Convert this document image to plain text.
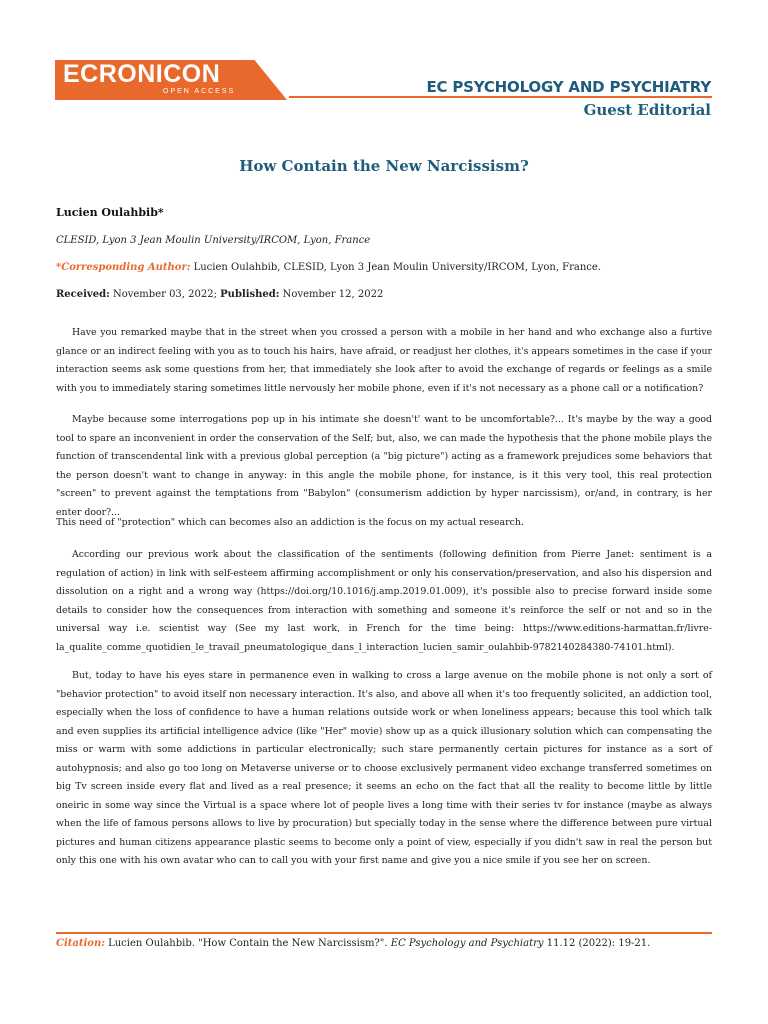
ECRONICON
OPEN ACCESS	EC PSYCHOLOGY AND PSYCHIATRY
Guest Editorial
How Contain the New Narcissism?
Lucien Oulahbib*
CLESID, Lyon 3 Jean Moulin University/IRCOM, Lyon, France
*Corresponding Author: Lucien Oulahbib, CLESID, Lyon 3 Jean Moulin University/IRCOM, Lyon, France.
Received: November 03, 2022; Published: November 12, 2022
Have you remarked maybe that in the street when you crossed a person with a mobile in her hand and who exchange also a furtive glance or an indirect feeling with you as to touch his hairs, have afraid, or readjust her clothes, it's appears sometimes in the case if your interaction seems ask some questions from her, that immediately she look after to avoid the exchange of regards or feelings as a smile with you to immediately staring sometimes little nervously her mobile phone, even if it's not necessary as a phone call or a notification?
Maybe because some interrogations pop up in his intimate she doesn't' want to be uncomfortable?... It's maybe by the way a good tool to spare an inconvenient in order the conservation of the Self; but, also, we can made the hypothesis that the phone mobile plays the function of transcendental link with a previous global perception (a "big picture") acting as a framework prejudices some behaviors that the person doesn't want to change in anyway: in this angle the mobile phone, for instance, is it this very tool, this real protection "screen" to prevent against the temptations from "Babylon" (consumerism addiction by hyper narcissism), or/and, in contrary, is her enter door?...
This need of "protection" which can becomes also an addiction is the focus on my actual research.
According our previous work about the classification of the sentiments (following definition from Pierre Janet: sentiment is a regulation of action) in link with self-esteem affirming accomplishment or only his conservation/preservation, and also his dispersion and dissolution on a right and a wrong way (https://doi.org/10.1016/j.amp.2019.01.009), it's possible also to precise forward inside some details to consider how the consequences from interaction with something and someone it's reinforce the self or not and so in the universal way i.e. scientist way (See my last work, in French for the time being: https://www.editions-harmattan.fr/livre- la_qualite_comme_quotidien_le_travail_pneumatologique_dans_l_interaction_lucien_samir_oulahbib-9782140284380-74101.html).
But, today to have his eyes stare in permanence even in walking to cross a large avenue on the mobile phone is not only a sort of "behavior protection" to avoid itself non necessary interaction. It's also, and above all when it's too frequently solicited, an addiction tool, especially when the loss of confidence to have a human relations outside work or when loneliness appears; because this tool which talk and even supplies its artificial intelligence advice (like "Her" movie) show up as a quick illusionary solution which can compensating the miss or warm with some addictions in particular electronically; such stare permanently certain pictures for instance as a sort of autohypnosis; and also go too long on Metaverse universe or to choose exclusively permanent video exchange transferred sometimes on big Tv screen inside every flat and lived as a real presence; it seems an echo on the fact that all the reality to become little by little oneiric in some way since the Virtual is a space where lot of people lives a long time with their series tv for instance (maybe as always when the life of famous persons allows to live by procuration) but specially today in the sense where the difference between pure virtual pictures and human citizens appearance plastic seems to become only a point of view, especially if you didn't saw in real the person but only this one with his own avatar who can to call you with your first name and give you a nice smile if you see her on screen.
Citation: Lucien Oulahbib. "How Contain the New Narcissism?". EC Psychology and Psychiatry 11.12 (2022): 19-21.
